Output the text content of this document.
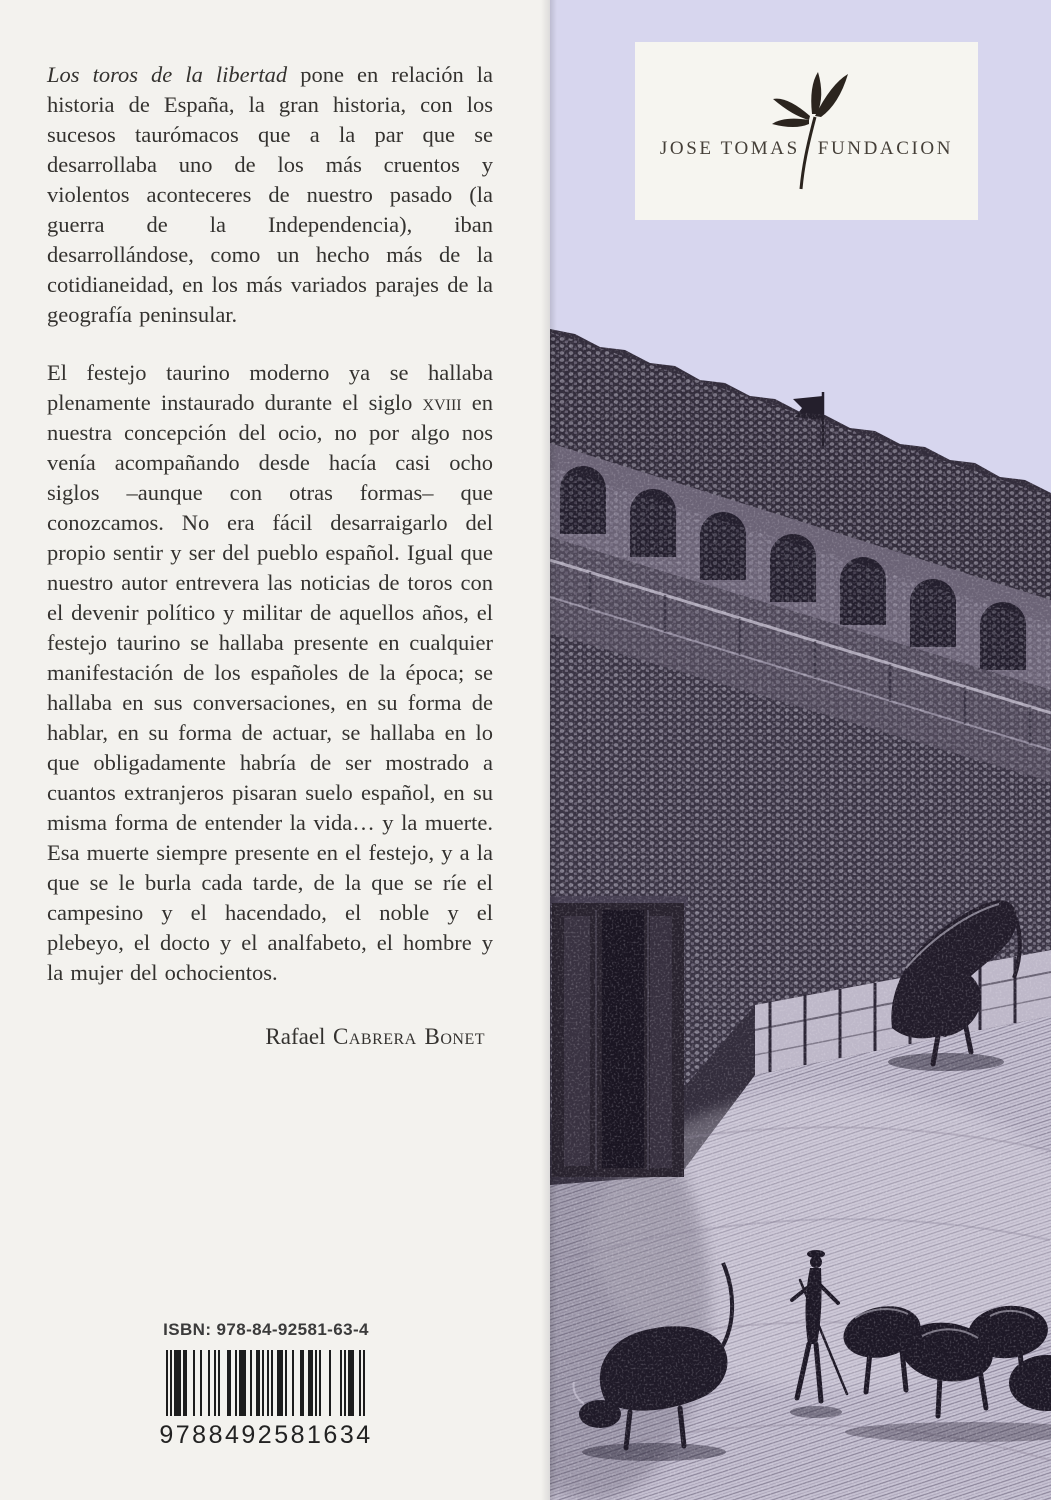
Los toros de la libertad pone en relación la historia de España, la gran historia, con los sucesos taurómacos que a la par que se desarrollaba uno de los más cruentos y violentos aconteceres de nuestro pasado (la guerra de la Independencia), iban desarrollándose, como un hecho más de la cotidianeidad, en los más variados parajes de la geografía peninsular.

El festejo taurino moderno ya se hallaba plenamente instaurado durante el siglo xviii en nuestra concepción del ocio, no por algo nos venía acompañando desde hacía casi ocho siglos –aunque con otras formas– que conozcamos. No era fácil desarraigarlo del propio sentir y ser del pueblo español. Igual que nuestro autor entrevera las noticias de toros con el devenir político y militar de aquellos años, el festejo taurino se hallaba presente en cualquier manifestación de los españoles de la época; se hallaba en sus conversaciones, en su forma de hablar, en su forma de actuar, se hallaba en lo que obligadamente habría de ser mostrado a cuantos extranjeros pisaran suelo español, en su misma forma de entender la vida… y la muerte. Esa muerte siempre presente en el festejo, y a la que se le burla cada tarde, de la que se ríe el campesino y el hacendado, el noble y el plebeyo, el docto y el analfabeto, el hombre y la mujer del ochocientos.

Rafael Cabrera Bonet

ISBN: 978-84-92581-63-4
9788492581634
JOSE TOMAS FUNDACION
